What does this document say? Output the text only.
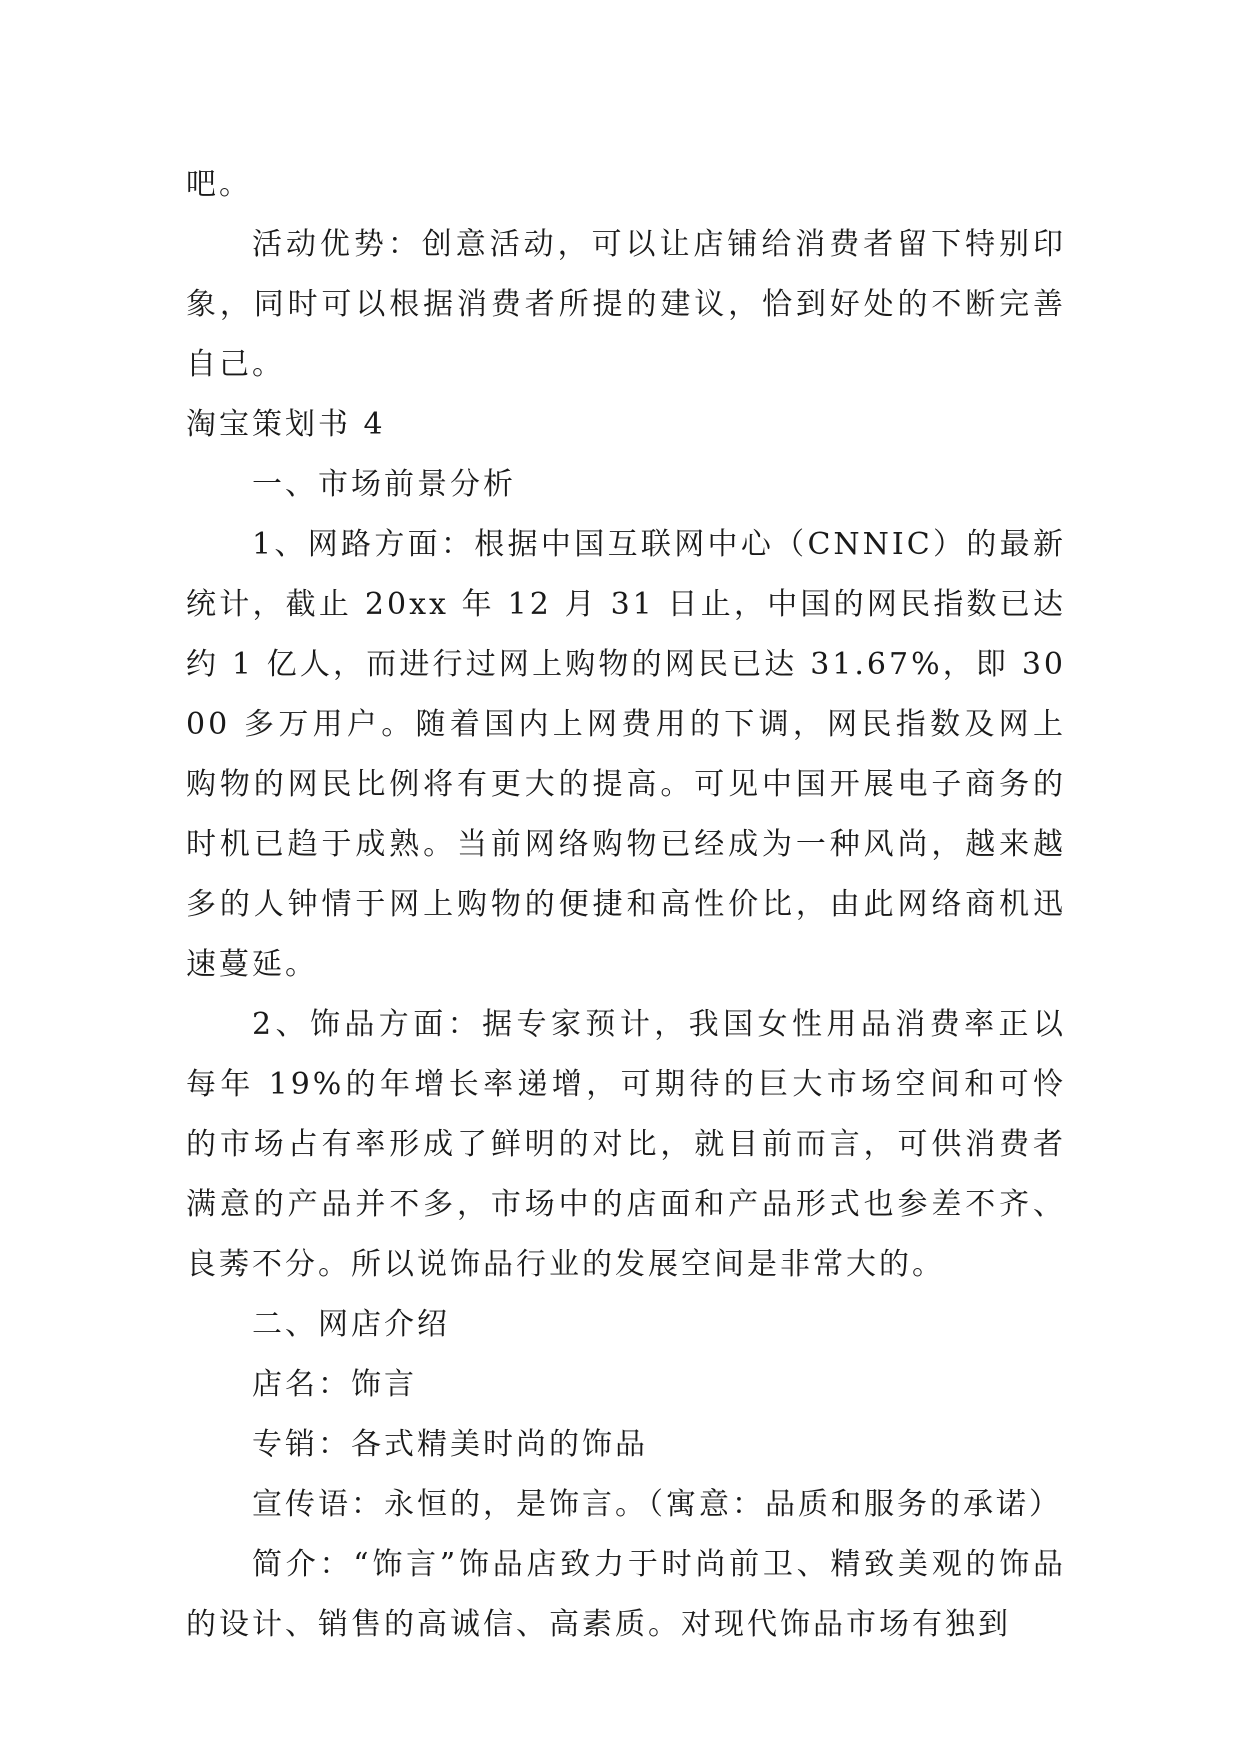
吧。

活动优势：创意活动，可以让店铺给消费者留下特别印象，同时可以根据消费者所提的建议，恰到好处的不断完善自己。

淘宝策划书 4

一、市场前景分析

1、网路方面：根据中国互联网中心（CNNIC）的最新统计，截止 20xx 年 12 月 31 日止，中国的网民指数已达约 1 亿人，而进行过网上购物的网民已达 31.67%，即 3000 多万用户。随着国内上网费用的下调，网民指数及网上购物的网民比例将有更大的提高。可见中国开展电子商务的时机已趋于成熟。当前网络购物已经成为一种风尚，越来越多的人钟情于网上购物的便捷和高性价比，由此网络商机迅速蔓延。

2、饰品方面：据专家预计，我国女性用品消费率正以每年 19%的年增长率递增，可期待的巨大市场空间和可怜的市场占有率形成了鲜明的对比，就目前而言，可供消费者满意的产品并不多，市场中的店面和产品形式也参差不齐、良莠不分。所以说饰品行业的发展空间是非常大的。

二、网店介绍

店名：饰言

专销：各式精美时尚的饰品

宣传语：永恒的，是饰言。（寓意：品质和服务的承诺）

简介：“饰言”饰品店致力于时尚前卫、精致美观的饰品的设计、销售的高诚信、高素质。对现代饰品市场有独到
